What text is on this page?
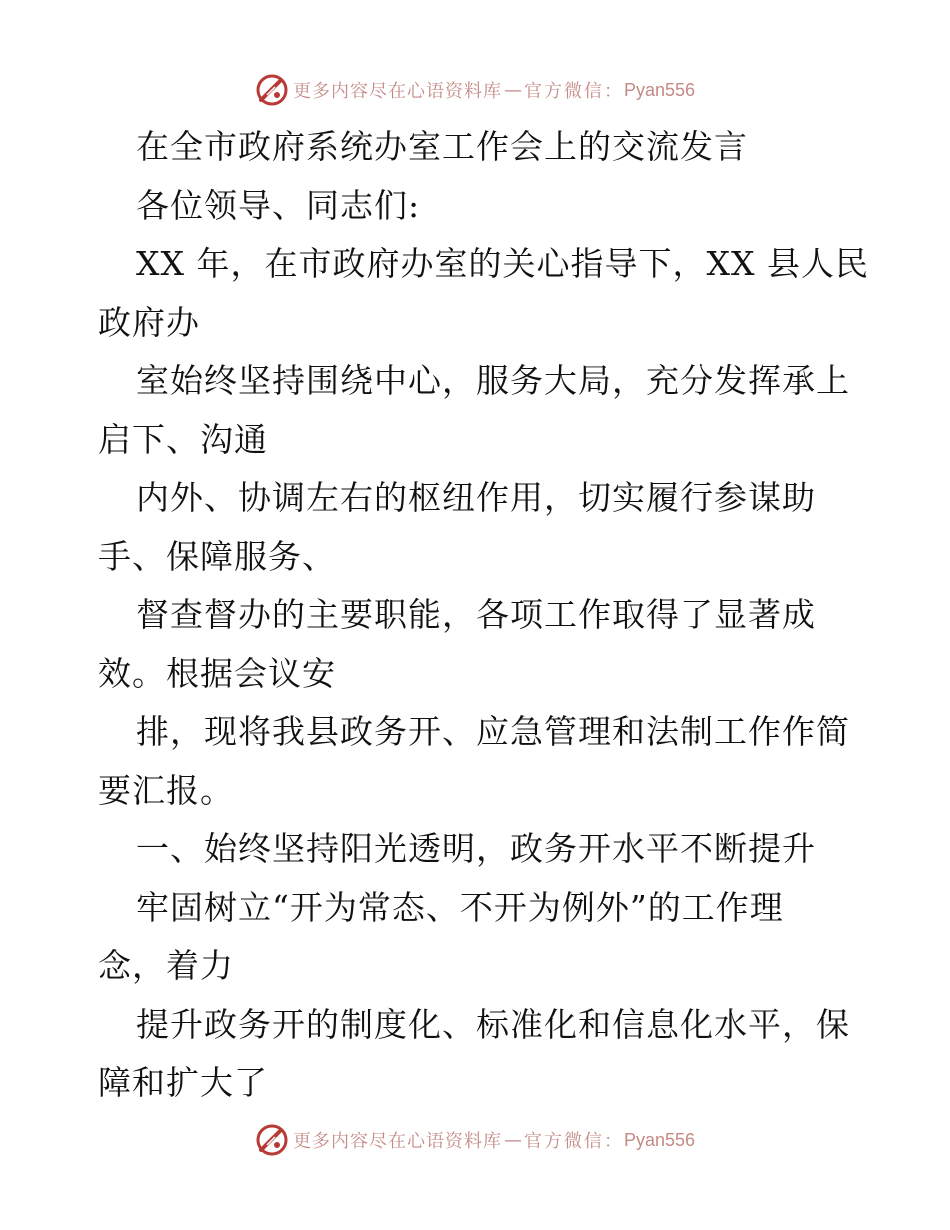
更多内容尽在心语资料库 — 官方微信： Pyan556
在全市政府系统办室工作会上的交流发言
各位领导、同志们:
XX 年，在市政府办室的关心指导下，XX 县人民
政府办
室始终坚持围绕中心，服务大局，充分发挥承上
启下、沟通
内外、协调左右的枢纽作用，切实履行参谋助
手、保障服务、
督查督办的主要职能，各项工作取得了显著成
效。根据会议安
排，现将我县政务开、应急管理和法制工作作简
要汇报。
一、始终坚持阳光透明，政务开水平不断提升
牢固树立“开为常态、不开为例外”的工作理
念，着力
提升政务开的制度化、标准化和信息化水平，保
障和扩大了
更多内容尽在心语资料库 — 官方微信： Pyan556
